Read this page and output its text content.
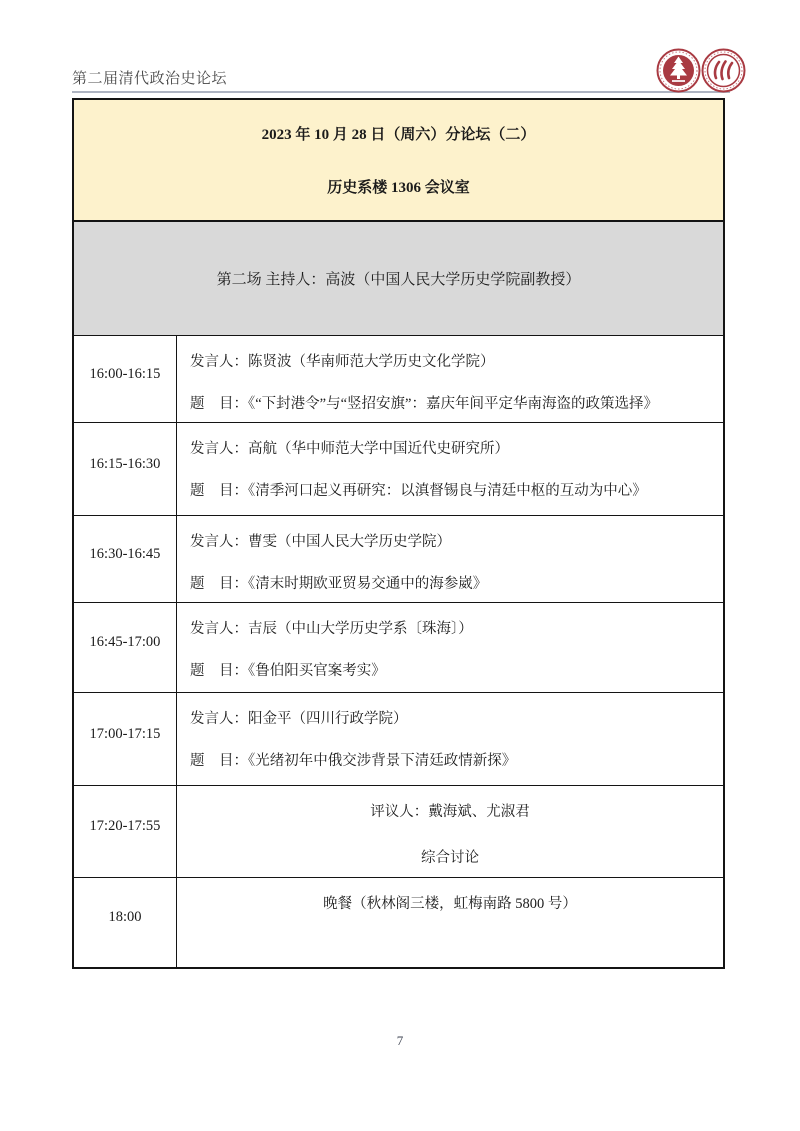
第二届清代政治史论坛
2023 年 10 月 28 日（周六）分论坛（二）
历史系楼 1306 会议室
第二场 主持人：高波（中国人民大学历史学院副教授）
16:00-16:15
发言人：陈贤波（华南师范大学历史文化学院）
题　目：《“下封港令”与“竖招安旗”：嘉庆年间平定华南海盗的政策选择》
16:15-16:30
发言人：高航（华中师范大学中国近代史研究所）
题　目：《清季河口起义再研究：以滇督锡良与清廷中枢的互动为中心》
16:30-16:45
发言人：曹雯（中国人民大学历史学院）
题　目：《清末时期欧亚贸易交通中的海参崴》
16:45-17:00
发言人：吉辰（中山大学历史学系〔珠海〕）
题　目：《鲁伯阳买官案考实》
17:00-17:15
发言人：阳金平（四川行政学院）
题　目：《光绪初年中俄交涉背景下清廷政情新探》
17:20-17:55
评议人：戴海斌、尤淑君
综合讨论
18:00
晚餐（秋林阁三楼，虹梅南路 5800 号）
7
